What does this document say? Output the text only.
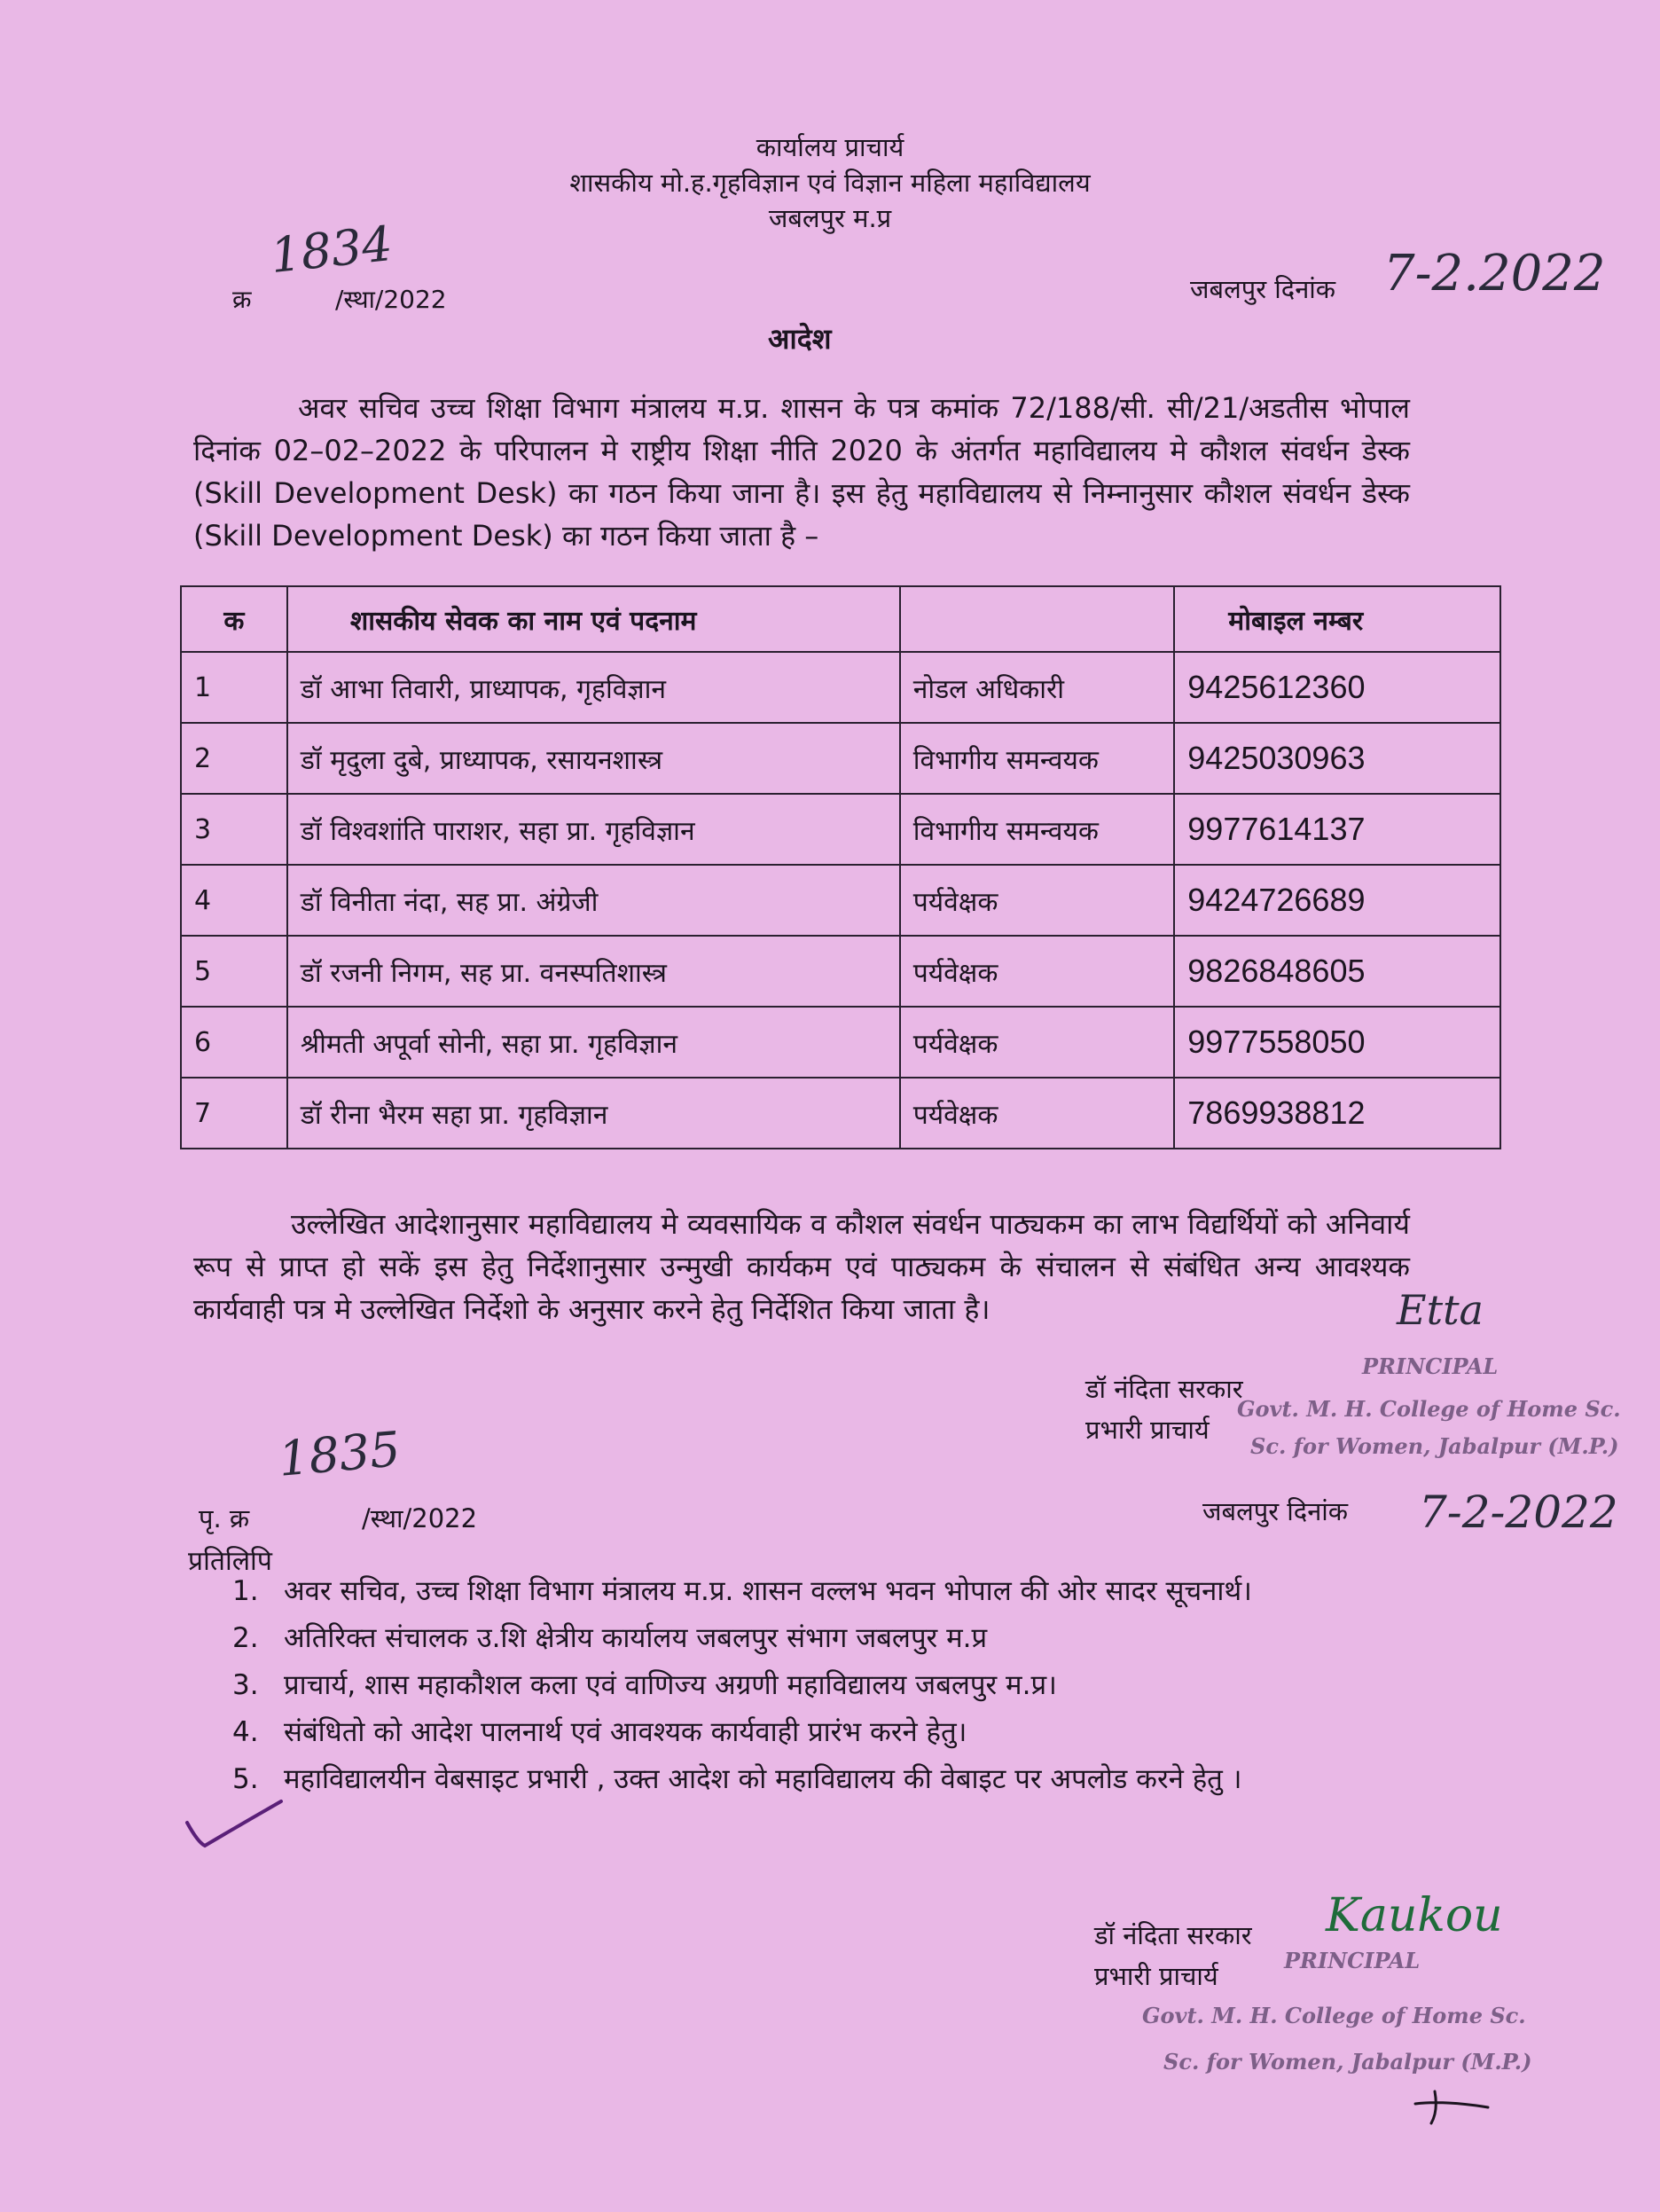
कार्यालय प्राचार्य
शासकीय मो.ह.गृहविज्ञान एवं विज्ञान महिला महाविद्यालय
जबलपुर म.प्र
क्र
1834
/स्था/2022	जबलपुर दिनांक 7-2.2022
आदेश
अवर सचिव उच्च शिक्षा विभाग मंत्रालय म.प्र. शासन के पत्र कमांक 72/188/सी. सी/21/अडतीस भोपाल दिनांक 02–02–2022 के परिपालन मे राष्ट्रीय शिक्षा नीति 2020 के अंतर्गत महाविद्यालय मे कौशल संवर्धन डेस्क (Skill Development Desk) का गठन किया जाना है। इस हेतु महाविद्यालय से निम्नानुसार कौशल संवर्धन डेस्क (Skill Development Desk) का गठन किया जाता है –
क	शासकीय सेवक का नाम एवं पदनाम		मोबाइल नम्बर
1	डॉ आभा तिवारी, प्राध्यापक, गृहविज्ञान	नोडल अधिकारी	9425612360
2	डॉ मृदुला दुबे, प्राध्यापक, रसायनशास्त्र	विभागीय समन्वयक	9425030963
3	डॉ विश्वशांति पाराशर, सहा प्रा. गृहविज्ञान	विभागीय समन्वयक	9977614137
4	डॉ विनीता नंदा, सह प्रा. अंग्रेजी	पर्यवेक्षक	9424726689
5	डॉ रजनी निगम, सह प्रा. वनस्पतिशास्त्र	पर्यवेक्षक	9826848605
6	श्रीमती अपूर्वा सोनी, सहा प्रा. गृहविज्ञान	पर्यवेक्षक	9977558050
7	डॉ रीना भैरम सहा प्रा. गृहविज्ञान	पर्यवेक्षक	7869938812
उल्लेखित आदेशानुसार महाविद्यालय मे व्यवसायिक व कौशल संवर्धन पाठ्यकम का लाभ विद्यर्थियों को अनिवार्य रूप से प्राप्त हो सकें इस हेतु निर्देशानुसार उन्मुखी कार्यकम एवं पाठ्यकम के संचालन से संबंधित अन्य आवश्यक कार्यवाही पत्र मे उल्लेखित निर्देशो के अनुसार करने हेतु निर्देशित किया जाता है।	Etta
डॉ नंदिता सरकार
प्रभारी प्राचार्य
PRINCIPAL
Govt. M. H. College of Home Sc.
Sc. for Women, Jabalpur (M.P.)
पृ. क्र
1835
/स्था/2022	जबलपुर दिनांक 7-2-2022
प्रतिलिपि
1. अवर सचिव, उच्च शिक्षा विभाग मंत्रालय म.प्र. शासन वल्लभ भवन भोपाल की ओर सादर सूचनार्थ।
2. अतिरिक्त संचालक उ.शि क्षेत्रीय कार्यालय जबलपुर संभाग जबलपुर म.प्र
3. प्राचार्य, शास महाकौशल कला एवं वाणिज्य अग्रणी महाविद्यालय जबलपुर म.प्र।
4. संबंधितो को आदेश पालनार्थ एवं आवश्यक कार्यवाही प्रारंभ करने हेतु।
5. महाविद्यालयीन वेबसाइट प्रभारी , उक्त आदेश को महाविद्यालय की वेबाइट पर अपलोड करने हेतु ।
Kaukou
डॉ नंदिता सरकार
प्रभारी प्राचार्य
PRINCIPAL
Govt. M. H. College of Home Sc.
Sc. for Women, Jabalpur (M.P.)
